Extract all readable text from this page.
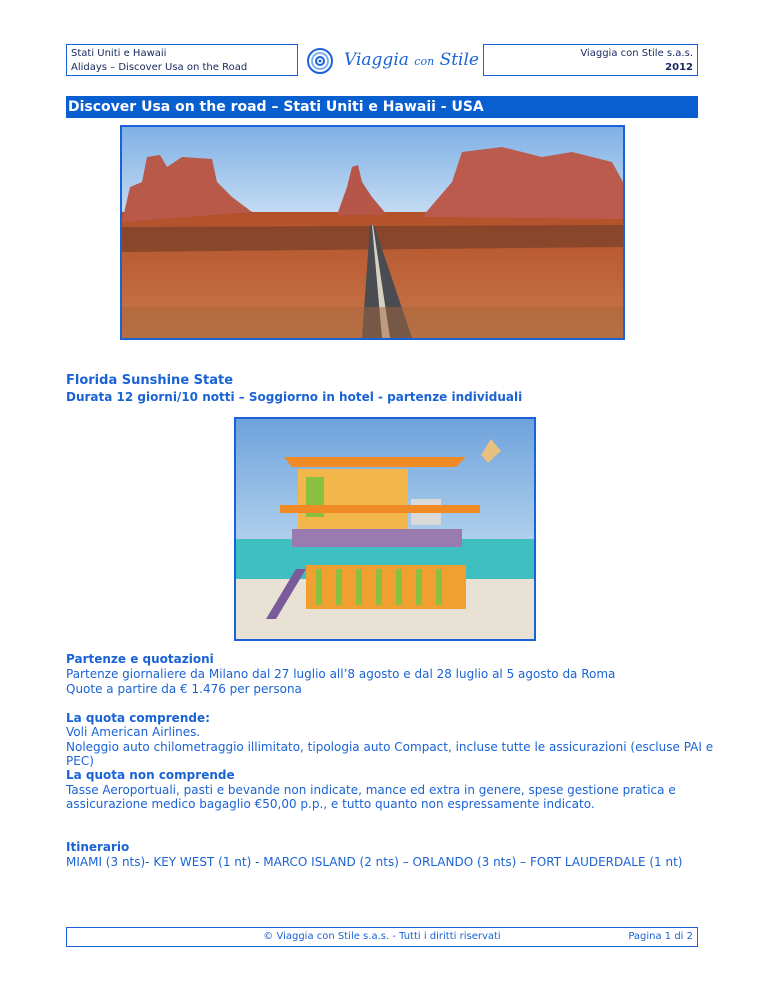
Stati Uniti e Hawaii
Alidays – Discover Usa on the Road	Viaggia con Stile	Viaggia con Stile s.a.s.
2012
Discover Usa on the road – Stati Uniti e Hawaii - USA
Florida Sunshine State
Durata 12 giorni/10 notti – Soggiorno in hotel - partenze individuali
Partenze e quotazioni
Partenze giornaliere da Milano dal 27 luglio all’8 agosto e dal 28 luglio al 5 agosto da Roma
Quote a partire da € 1.476 per persona
La quota comprende:
Voli American Airlines.
Noleggio auto chilometraggio illimitato, tipologia auto Compact, incluse tutte le assicurazioni (escluse PAI e
PEC)
La quota non comprende
Tasse Aeroportuali, pasti e bevande non indicate, mance ed extra in genere, spese gestione pratica e
assicurazione medico bagaglio €50,00 p.p., e tutto quanto non espressamente indicato.
Itinerario
MIAMI (3 nts)- KEY WEST (1 nt) - MARCO ISLAND (2 nts) – ORLANDO (3 nts) – FORT LAUDERDALE (1 nt)
© Viaggia con Stile s.a.s. - Tutti i diritti riservati	Pagina 1 di 2
